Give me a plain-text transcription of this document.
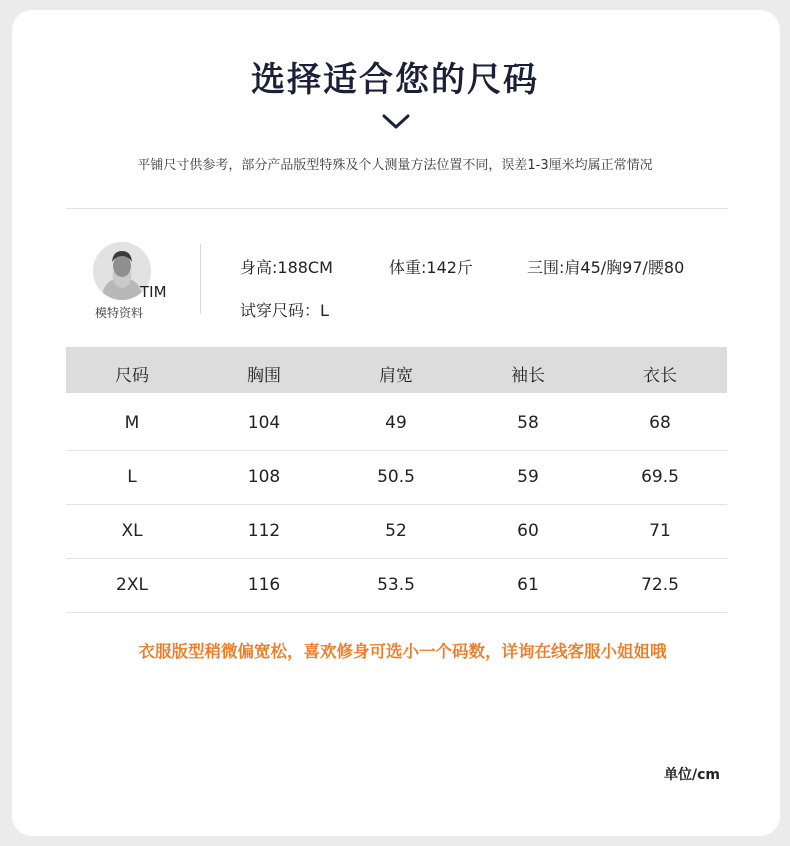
选择适合您的尺码
平铺尺寸供参考，部分产品版型特殊及个人测量方法位置不同，误差1-3厘米均属正常情况
TIM
模特资料
身高:188CM	体重:142斤	三围:肩45/胸97/腰80
试穿尺码：L
尺码	胸围	肩宽	袖长	衣长
M	104	49	58	68
L	108	50.5	59	69.5
XL	112	52	60	71
2XL	116	53.5	61	72.5
衣服版型稍微偏宽松，喜欢修身可选小一个码数，详询在线客服小姐姐哦
单位/cm
